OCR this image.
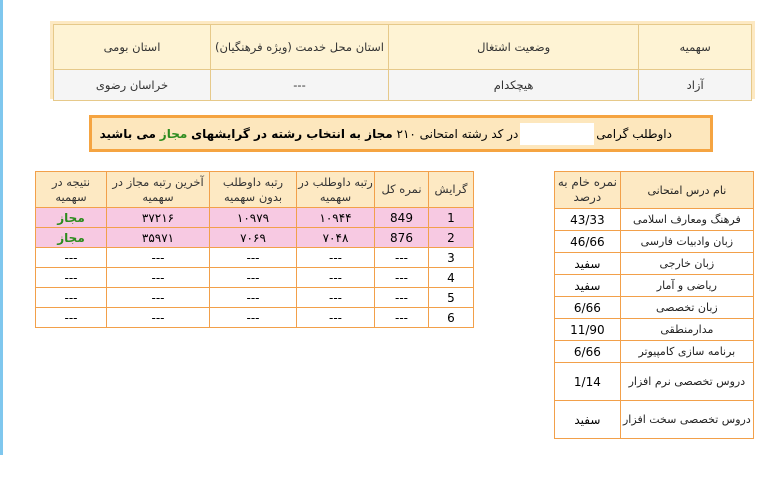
سهمیه	وضعیت اشتغال	استان محل خدمت (ویژه فرهنگیان)	استان بومی
آزاد	هیچکدام	---	خراسان رضوی
داوطلب گرامی
در کد رشته امتحانی ۲۱۰

مجاز به انتخاب رشته در گرایشهای

مجاز

می باشید
نام درس امتحانی	نمره خام به درصد
فرهنگ ومعارف اسلامی	43/33
زبان وادبیات فارسی	46/66
زبان خارجی	سفید
ریاضی و آمار	سفید
زبان تخصصی	6/66
مدارمنطقی	11/90
برنامه سازی کامپیوتر	6/66
دروس تخصصی نرم افزار	1/14
دروس تخصصی سخت افزار	سفید
گرایش	نمره کل	رتبه داوطلب در سهمیه	رتبه داوطلب بدون سهمیه	آخرین رتبه مجاز در سهمیه	نتیجه در سهمیه
1	849	۱۰۹۴۴	۱۰۹۷۹	۳۷۲۱۶	مجاز
2	876	۷۰۴۸	۷۰۶۹	۳۵۹۷۱	مجاز
3	---	---	---	---	---
4	---	---	---	---	---
5	---	---	---	---	---
6	---	---	---	---	---
